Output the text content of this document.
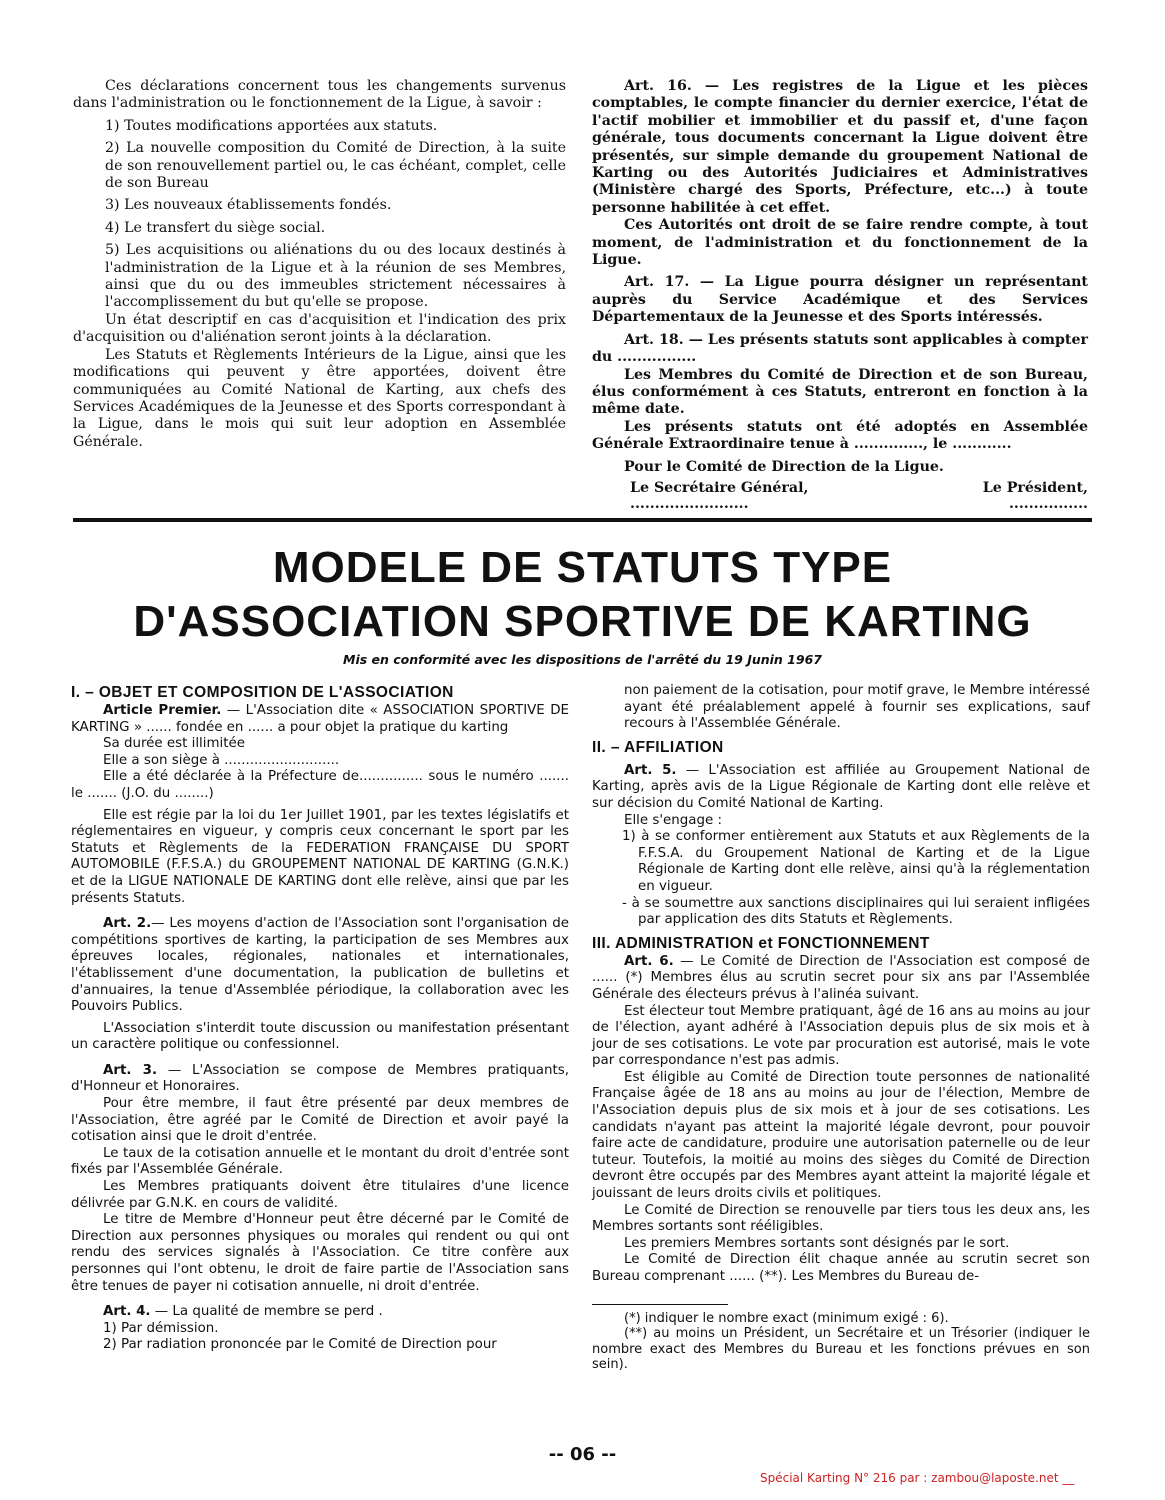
Ces déclarations concernent tous les changements survenus dans l'administration ou le fonctionnement de la Ligue, à savoir :

1) Toutes modifications apportées aux statuts.

2) La nouvelle composition du Comité de Direction, à la suite de son renouvellement partiel ou, le cas échéant, complet, celle de son Bureau

3) Les nouveaux établissements fondés.

4) Le transfert du siège social.

5) Les acquisitions ou aliénations du ou des locaux destinés à l'administration de la Ligue et à la réunion de ses Membres, ainsi que du ou des immeubles strictement nécessaires à l'accomplissement du but qu'elle se propose.

Un état descriptif en cas d'acquisition et l'indication des prix d'acquisition ou d'aliénation seront joints à la déclaration.

Les Statuts et Règlements Intérieurs de la Ligue, ainsi que les modifications qui peuvent y être apportées, doivent être communiquées au Comité National de Karting, aux chefs des Services Académiques de la Jeunesse et des Sports correspondant à la Ligue, dans le mois qui suit leur adoption en Assemblée Générale.

Art. 16. — Les registres de la Ligue et les pièces comptables, le compte financier du dernier exercice, l'état de l'actif mobilier et immobilier et du passif et, d'une façon générale, tous documents concernant la Ligue doivent être présentés, sur simple demande du groupement National de Karting ou des Autorités Judiciaires et Administratives (Ministère chargé des Sports, Préfecture, etc...) à toute personne habilitée à cet effet.

Ces Autorités ont droit de se faire rendre compte, à tout moment, de l'administration et du fonctionnement de la Ligue.

Art. 17. — La Ligue pourra désigner un représentant auprès du Service Académique et des Services Départementaux de la Jeunesse et des Sports intéressés.

Art. 18. — Les présents statuts sont applicables à compter du ................

Les Membres du Comité de Direction et de son Bureau, élus conformément à ces Statuts, entreront en fonction à la même date.

Les présents statuts ont été adoptés en Assemblée Générale Extraordinaire tenue à .............., le ............

Pour le Comité de Direction de la Ligue.

Le Secrétaire Général,	Le Président,
........................	................
MODELE DE STATUTS TYPE
D'ASSOCIATION SPORTIVE DE KARTING
Mis en conformité avec les dispositions de l'arrêté du 19 Junin 1967
I. – OBJET ET COMPOSITION DE L'ASSOCIATION

Article Premier. — L'Association dite « ASSOCIATION SPORTIVE DE KARTING » ...... fondée en ...... a pour objet la pratique du karting

Sa durée est illimitée

Elle a son siège à ...........................

Elle a été déclarée à la Préfecture de............... sous le numéro ....... le ....... (J.O. du ........)

Elle est régie par la loi du 1er Juillet 1901, par les textes législatifs et réglementaires en vigueur, y compris ceux concernant le sport par les Statuts et Règlements de la FEDERATION FRANÇAISE DU SPORT AUTOMOBILE (F.F.S.A.) du GROUPEMENT NATIONAL DE KARTING (G.N.K.) et de la LIGUE NATIONALE DE KARTING dont elle relève, ainsi que par les présents Statuts.

Art. 2.— Les moyens d'action de l'Association sont l'organisation de compétitions sportives de karting, la participation de ses Membres aux épreuves locales, régionales, nationales et internationales, l'établissement d'une documentation, la publication de bulletins et d'annuaires, la tenue d'Assemblée périodique, la collaboration avec les Pouvoirs Publics.

L'Association s'interdit toute discussion ou manifestation présentant un caractère politique ou confessionnel.

Art. 3. — L'Association se compose de Membres pratiquants, d'Honneur et Honoraires.

Pour être membre, il faut être présenté par deux membres de l'Association, être agréé par le Comité de Direction et avoir payé la cotisation ainsi que le droit d'entrée.

Le taux de la cotisation annuelle et le montant du droit d'entrée sont fixés par l'Assemblée Générale.

Les Membres pratiquants doivent être titulaires d'une licence délivrée par G.N.K. en cours de validité.

Le titre de Membre d'Honneur peut être décerné par le Comité de Direction aux personnes physiques ou morales qui rendent ou qui ont rendu des services signalés à l'Association. Ce titre confère aux personnes qui l'ont obtenu, le droit de faire partie de l'Association sans être tenues de payer ni cotisation annuelle, ni droit d'entrée.

Art. 4. — La qualité de membre se perd .

1) Par démission.

2) Par radiation prononcée par le Comité de Direction pour

non paiement de la cotisation, pour motif grave, le Membre intéressé ayant été préalablement appelé à fournir ses explications, sauf recours à l'Assemblée Générale.

II. – AFFILIATION

Art. 5. — L'Association est affiliée au Groupement National de Karting, après avis de la Ligue Régionale de Karting dont elle relève et sur décision du Comité National de Karting.

Elle s'engage :

1) à se conformer entièrement aux Statuts et aux Règlements de la F.F.S.A. du Groupement National de Karting et de la Ligue Régionale de Karting dont elle relève, ainsi qu'à la réglementation en vigueur.

- à se soumettre aux sanctions disciplinaires qui lui seraient infligées par application des dits Statuts et Règlements.

III. ADMINISTRATION et FONCTIONNEMENT

Art. 6. — Le Comité de Direction de l'Association est composé de ...... (*) Membres élus au scrutin secret pour six ans par l'Assemblée Générale des électeurs prévus à l'alinéa suivant.

Est électeur tout Membre pratiquant, âgé de 16 ans au moins au jour de l'élection, ayant adhéré à l'Association depuis plus de six mois et à jour de ses cotisations. Le vote par procuration est autorisé, mais le vote par correspondance n'est pas admis.

Est éligible au Comité de Direction toute personnes de nationalité Française âgée de 18 ans au moins au jour de l'élection, Membre de l'Association depuis plus de six mois et à jour de ses cotisations. Les candidats n'ayant pas atteint la majorité légale devront, pour pouvoir faire acte de candidature, produire une autorisation paternelle ou de leur tuteur. Toutefois, la moitié au moins des sièges du Comité de Direction devront être occupés par des Membres ayant atteint la majorité légale et jouissant de leurs droits civils et politiques.

Le Comité de Direction se renouvelle par tiers tous les deux ans, les Membres sortants sont rééligibles.

Les premiers Membres sortants sont désignés par le sort.

Le Comité de Direction élit chaque année au scrutin secret son Bureau comprenant ...... (**). Les Membres du Bureau de-

(*) indiquer le nombre exact (minimum exigé : 6).

(**) au moins un Président, un Secrétaire et un Trésorier (indiquer le nombre exact des Membres du Bureau et les fonctions prévues en son sein).

-- 06 --
Spécial Karting N° 216 par : zambou@laposte.net __
